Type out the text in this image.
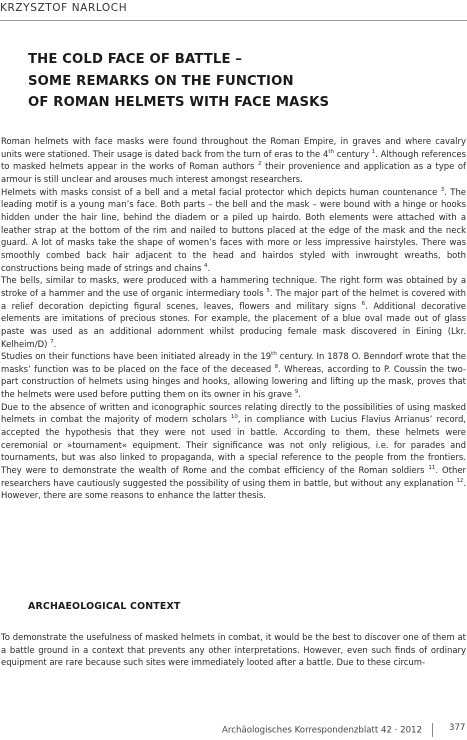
KRZYSZTOF NARLOCH
THE COLD FACE OF BATTLE –
SOME REMARKS ON THE FUNCTION
OF ROMAN HELMETS WITH FACE MASKS

Roman helmets with face masks were found throughout the Roman Empire, in graves and where cavalry units were stationed. Their usage is dated back from the turn of eras to the 4th century $^1$. Although references to masked helmets appear in the works of Roman authors $^2$ their provenience and application as a type of armour is still unclear and arouses much interest amongst researchers.

Helmets with masks consist of a bell and a metal facial protector which depicts human countenance $^3$. The leading motif is a young man’s face. Both parts – the bell and the mask – were bound with a hinge or hooks hidden under the hair line, behind the diadem or a piled up hairdo. Both elements were attached with a leather strap at the bottom of the rim and nailed to buttons placed at the edge of the mask and the neck guard. A lot of masks take the shape of women’s faces with more or less impressive hairstyles. There was smoothly combed back hair adjacent to the head and hairdos styled with inwrought wreaths, both constructions being made of strings and chains $^4$.

The bells, similar to masks, were produced with a hammering technique. The right form was obtained by a stroke of a hammer and the use of organic intermediary tools $^5$. The major part of the helmet is covered with a relief decoration depicting figural scenes, leaves, flowers and military signs $^6$. Additional decorative elements are imitations of precious stones. For example, the placement of a blue oval made out of glass paste was used as an additional adornment whilst producing female mask discovered in Eining (Lkr. Kelheim/D) $^7$.

Studies on their functions have been initiated already in the 19th century. In 1878 O. Benndorf wrote that the masks’ function was to be placed on the face of the deceased $^8$. Whereas, according to P. Coussin the two-part construction of helmets using hinges and hooks, allowing lowering and lifting up the mask, proves that the helmets were used before putting them on its owner in his grave $^9$.

Due to the absence of written and iconographic sources relating directly to the possibilities of using masked helmets in combat the majority of modern scholars $^{10}$, in compliance with Lucius Flavius Arrianus’ record, accepted the hypothesis that they were not used in battle. According to them, these helmets were ceremonial or »tournament« equipment. Their significance was not only religious, i.e. for parades and tournaments, but was also linked to propaganda, with a special reference to the people from the frontiers. They were to demonstrate the wealth of Rome and the combat efficiency of the Roman soldiers $^{11}$. Other researchers have cautiously suggested the possibility of using them in battle, but without any explanation $^{12}$. However, there are some reasons to enhance the latter thesis.

ARCHAEOLOGICAL CONTEXT

To demonstrate the usefulness of masked helmets in combat, it would be the best to discover one of them at a battle ground in a context that prevents any other interpretations. However, even such finds of ordinary equipment are rare because such sites were immediately looted after a battle. Due to these circum-

Archäologisches Korrespondenzblatt 42 · 2012	377
